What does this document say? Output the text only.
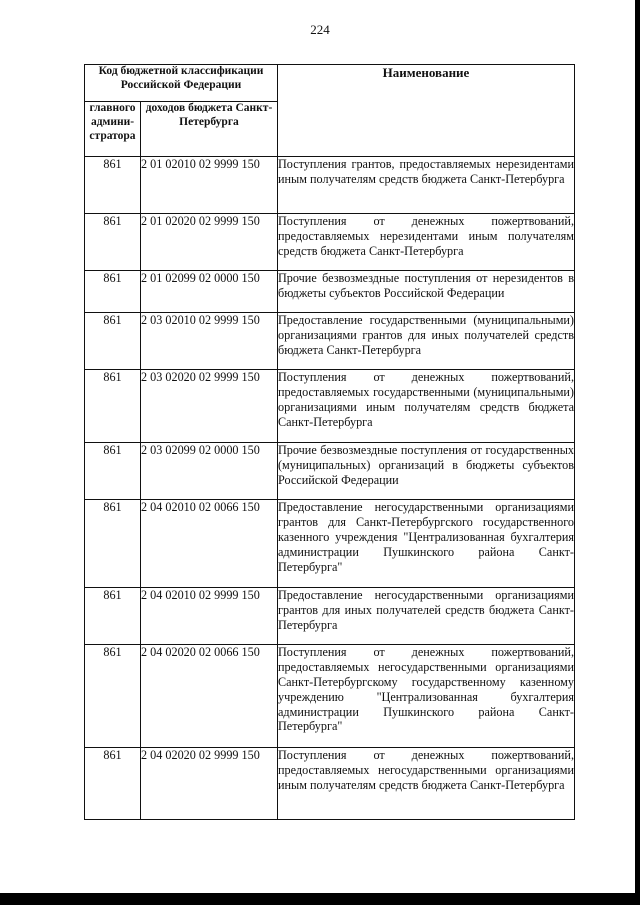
224
Код бюджетной классификации Российской Федерации		Наименование
главного админи-стратора	доходов бюджета Санкт-Петербурга	
861	2 01 02010 02 9999 150	Поступления грантов, предоставляемых нерезидентами иным получателям средств бюджета Санкт-Петербурга
861	2 01 02020 02 9999 150	Поступления от денежных пожертвований, предоставляемых нерезидентами иным получателям средств бюджета Санкт-Петербурга
861	2 01 02099 02 0000 150	Прочие безвозмездные поступления от нерезидентов в бюджеты субъектов Российской Федерации
861	2 03 02010 02 9999 150	Предоставление государственными (муниципальными) организациями грантов для иных получателей средств бюджета Санкт-Петербурга
861	2 03 02020 02 9999 150	Поступления от денежных пожертвований, предоставляемых государственными (муниципальными) организациями иным получателям средств бюджета Санкт-Петербурга
861	2 03 02099 02 0000 150	Прочие безвозмездные поступления от государственных (муниципальных) организаций в бюджеты субъектов Российской Федерации
861	2 04 02010 02 0066 150	Предоставление негосударственными организациями грантов для Санкт-Петербургского государственного казенного учреждения "Централизованная бухгалтерия администрации Пушкинского района Санкт-Петербурга"
861	2 04 02010 02 9999 150	Предоставление негосударственными организациями грантов для иных получателей средств бюджета Санкт-Петербурга
861	2 04 02020 02 0066 150	Поступления от денежных пожертвований, предоставляемых негосударственными организациями Санкт-Петербургскому государственному казенному учреждению "Централизованная бухгалтерия администрации Пушкинского района Санкт-Петербурга"
861	2 04 02020 02 9999 150	Поступления от денежных пожертвований, предоставляемых негосударственными организациями иным получателям средств бюджета Санкт-Петербурга
